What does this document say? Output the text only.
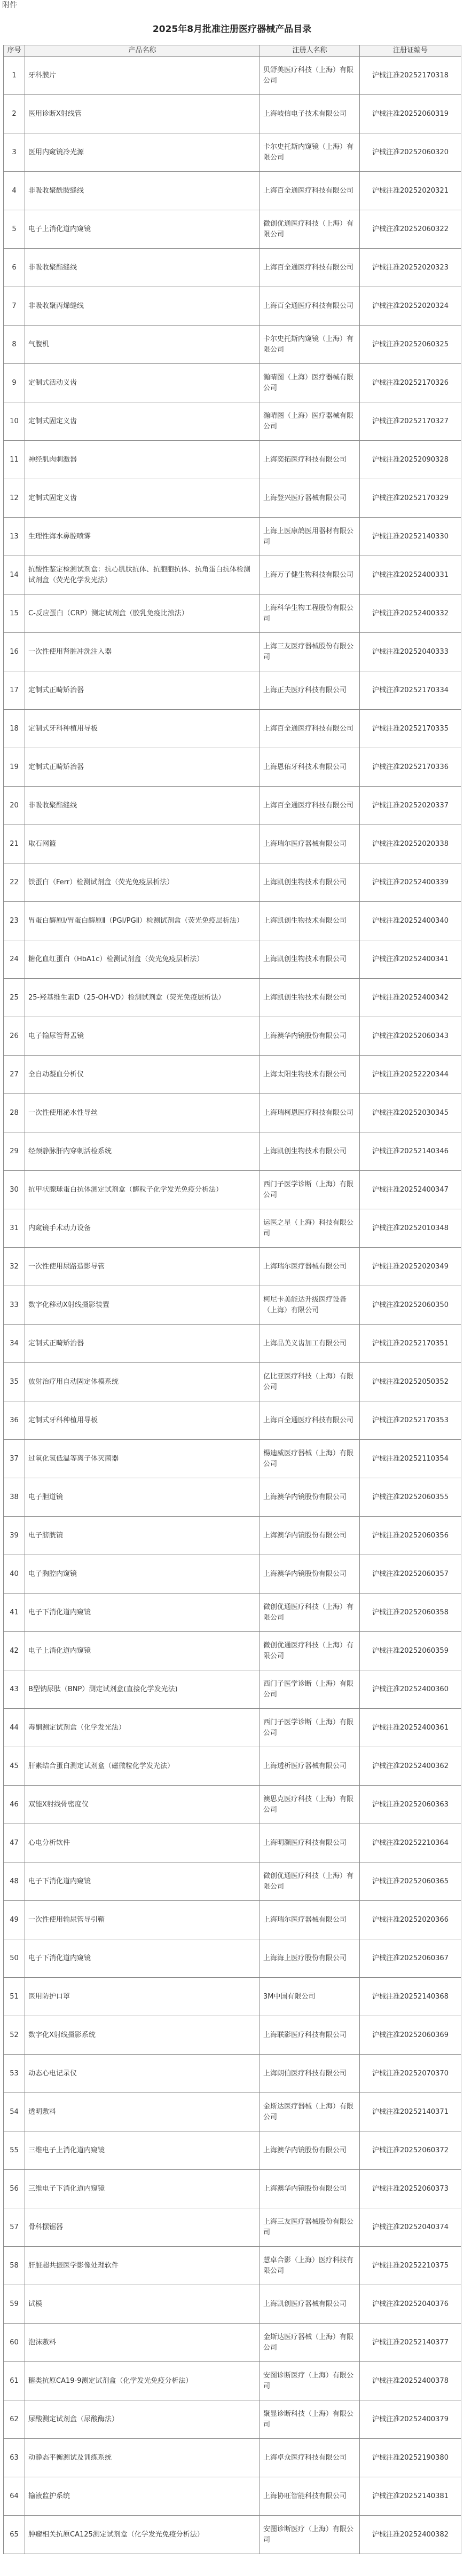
附件
2025年8月批准注册医疗器械产品目录
序号	产品名称	注册人名称	注册证编号
1	牙科膜片	贝舒美医疗科技（上海）有限公司	沪械注准20252170318
2	医用诊断X射线管	上海岐信电子技术有限公司	沪械注准20252060319
3	医用内窥镜冷光源	卡尔史托斯内窥镜（上海）有限公司	沪械注准20252060320
4	非吸收聚酰胺缝线	上海百全通医疗科技有限公司	沪械注准20252020321
5	电子上消化道内窥镜	微创优通医疗科技（上海）有限公司	沪械注准20252060322
6	非吸收聚酯缝线	上海百全通医疗科技有限公司	沪械注准20252020323
7	非吸收聚丙烯缝线	上海百全通医疗科技有限公司	沪械注准20252020324
8	气腹机	卡尔史托斯内窥镜（上海）有限公司	沪械注准20252060325
9	定制式活动义齿	瀚晴图（上海）医疗器械有限公司	沪械注准20252170326
10	定制式固定义齿	瀚晴图（上海）医疗器械有限公司	沪械注准20252170327
11	神经肌肉刺激器	上海奕拓医疗科技有限公司	沪械注准20252090328
12	定制式固定义齿	上海登兴医疗器械有限公司	沪械注准20252170329
13	生理性海水鼻腔喷雾	上海上医康鸽医用器材有限公司	沪械注准20252140330
14	抗酸性鉴定检测试剂盒：抗心肌肽抗体、抗胞胞抗体、抗角蛋白抗体检测试剂盒（荧光化学发光法）	上海万子健生物科技有限公司	沪械注准20252400331
15	C-反应蛋白（CRP）测定试剂盒（胶乳免疫比浊法）	上海科华生物工程股份有限公司	沪械注准20252400332
16	一次性使用肾脏冲洗注入器	上海三友医疗器械股份有限公司	沪械注准20252040333
17	定制式正畸矫治器	上海正夫医疗科技有限公司	沪械注准20252170334
18	定制式牙科种植用导板	上海百全通医疗科技有限公司	沪械注准20252170335
19	定制式正畸矫治器	上海恩佑牙科技术有限公司	沪械注准20252170336
20	非吸收聚酯缝线	上海百全通医疗科技有限公司	沪械注准20252020337
21	取石网篮	上海瑞尔医疗器械有限公司	沪械注准20252020338
22	铁蛋白（Ferr）检测试剂盒（荧光免疫层析法）	上海凯创生物技术有限公司	沪械注准20252400339
23	胃蛋白酶原Ⅰ/胃蛋白酶原Ⅱ（PGⅠ/PGⅡ）检测试剂盒（荧光免疫层析法）	上海凯创生物技术有限公司	沪械注准20252400340
24	糖化血红蛋白（HbA1c）检测试剂盒（荧光免疫层析法）	上海凯创生物技术有限公司	沪械注准20252400341
25	25-羟基维生素D（25-OH-VD）检测试剂盒（荧光免疫层析法）	上海凯创生物技术有限公司	沪械注准20252400342
26	电子输尿管肾盂镜	上海澳华内镜股份有限公司	沪械注准20252060343
27	全自动凝血分析仪	上海太阳生物技术有限公司	沪械注准20252220344
28	一次性使用泌水性导丝	上海瑞柯恩医疗科技有限公司	沪械注准20252030345
29	经颈静脉肝内穿刺活检系统	上海凯创生物技术有限公司	沪械注准20252140346
30	抗甲状腺球蛋白抗体测定试剂盒（酶粒子化学发光免疫分析法）	西门子医学诊断（上海）有限公司	沪械注准20252400347
31	内窥镜手术动力设备	运医之星（上海）科技有限公司	沪械注准20252010348
32	一次性使用尿路造影导管	上海瑞尔医疗器械有限公司	沪械注准20252020349
33	数字化移动X射线摄影装置	柯尼卡美能达升级医疗设备（上海）有限公司	沪械注准20252060350
34	定制式正畸矫治器	上海品美义齿加工有限公司	沪械注准20252170351
35	放射治疗用自动固定体模系统	亿比亚医疗科技（上海）有限公司	沪械注准20252050352
36	定制式牙科种植用导板	上海百全通医疗科技有限公司	沪械注准20252170353
37	过氧化氢低温等离子体灭菌器	楊迪威医疗器械（上海）有限公司	沪械注准20252110354
38	电子胆道镜	上海澳华内镜股份有限公司	沪械注准20252060355
39	电子膀胱镜	上海澳华内镜股份有限公司	沪械注准20252060356
40	电子胸腔内窥镜	上海澳华内镜股份有限公司	沪械注准20252060357
41	电子下消化道内窥镜	微创优通医疗科技（上海）有限公司	沪械注准20252060358
42	电子上消化道内窥镜	微创优通医疗科技（上海）有限公司	沪械注准20252060359
43	B型钠尿肽（BNP）测定试剂盒(直接化学发光法)	西门子医学诊断（上海）有限公司	沪械注准20252400360
44	毒酮测定试剂盒（化学发光法）	西门子医学诊断（上海）有限公司	沪械注准20252400361
45	肝素结合蛋白测定试剂盒（磁微粒化学发光法）	上海透析医疗器械有限公司	沪械注准20252400362
46	双能X射线骨密度仪	澳思克医疗科技（上海）有限公司	沪械注准20252060363
47	心电分析软件	上海明灏医疗科技有限公司	沪械注准20252210364
48	电子下消化道内窥镜	微创优通医疗科技（上海）有限公司	沪械注准20252060365
49	一次性使用输尿管导引鞘	上海瑞尔医疗器械有限公司	沪械注准20252020366
50	电子下消化道内窥镜	上海海上医疗股份有限公司	沪械注准20252060367
51	医用防护口罩	3M中国有限公司	沪械注准20252140368
52	数字化X射线摄影系统	上海联影医疗科技有限公司	沪械注准20252060369
53	动态心电记录仪	上海朗伯医疗科技有限公司	沪械注准20252070370
54	透明敷料	金斯达医疗器械（上海）有限公司	沪械注准20252140371
55	三维电子上消化道内窥镜	上海澳华内镜股份有限公司	沪械注准20252060372
56	三维电子下消化道内窥镜	上海澳华内镜股份有限公司	沪械注准20252060373
57	骨科摆锯器	上海三友医疗器械股份有限公司	沪械注准20252040374
58	肝脏超共振医学影像处理软件	慧卓合影（上海）医疗科技有限公司	沪械注准20252210375
59	试模	上海凯创医疗器械有限公司	沪械注准20252040376
60	泡沫敷料	金斯达医疗器械（上海）有限公司	沪械注准20252140377
61	糖类抗原CA19-9测定试剂盒（化学发光免疫分析法）	安图诊断医疗（上海）有限公司	沪械注准20252400378
62	尿酸测定试剂盒（尿酸酶法）	聚显诊断科技（上海）有限公司	沪械注准20252400379
63	动静态平衡测试及训练系统	上海卓众医疗科技有限公司	沪械注准20252190380
64	输液监护系统	上海协旺智能科技有限公司	沪械注准20252140381
65	肿瘤相关抗原CA125测定试剂盒（化学发光免疫分析法）	安图诊断医疗（上海）有限公司	沪械注准20252400382
